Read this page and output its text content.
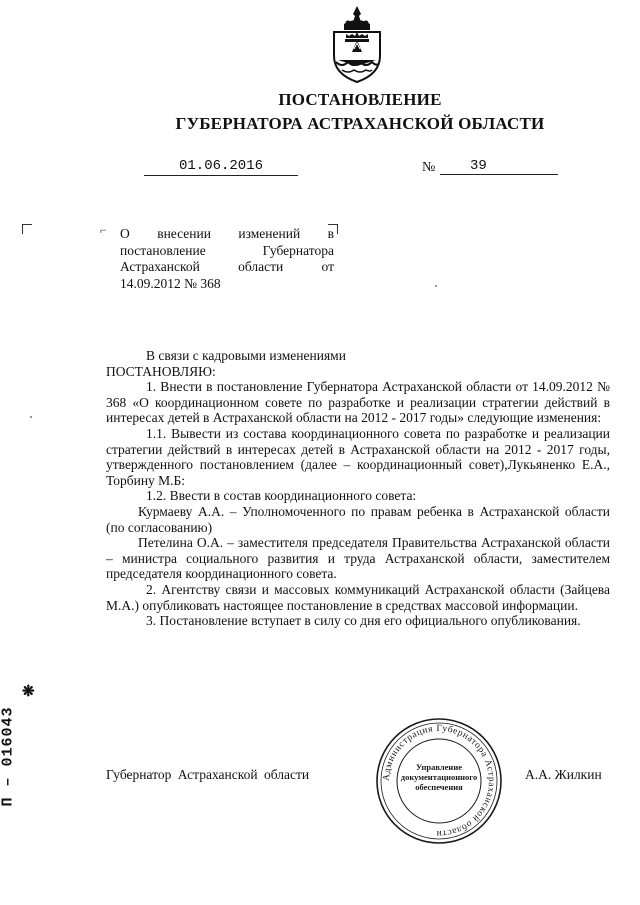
ПОСТАНОВЛЕНИЕ
ГУБЕРНАТОРА АСТРАХАНСКОЙ ОБЛАСТИ
01.06.2016	№	39
⌐ О внесении изменений в
постановление Губернатора
Астраханской области от
14.09.2012 № 368

В связи с кадровыми изменениями

ПОСТАНОВЛЯЮ:

1. Внести в постановление Губернатора Астраханской области от 14.09.2012 № 368 «О координационном совете по разработке и реализации стратегии действий в интересах детей в Астраханской области на 2012 - 2017 годы» следующие изменения:

1.1. Вывести из состава координационного совета по разработке и реализации стратегии действий в интересах детей в Астраханской области на 2012 - 2017 годы, утвержденного постановлением (далее – координационный совет),Лукьяненко Е.А., Торбину М.Б:

1.2. Ввести в состав координационного совета:

Курмаеву А.А. – Уполномоченного по правам ребенка в Астраханской области (по согласованию)

Петелина О.А. – заместителя председателя Правительства Астраханской области – министра социального развития и труда Астраханской области, заместителем председателя координационного совета.

2. Агентству связи и массовых коммуникаций Астраханской области (Зайцева М.А.) опубликовать настоящее постановление в средствах массовой информации.

3. Постановление вступает в силу со дня его официального опубликования.

❋
П – 016043	Губернатор Астраханской области	А.А. Жилкин
Администрация Губернатора Астраханской области
Управление документационного обеспечения
